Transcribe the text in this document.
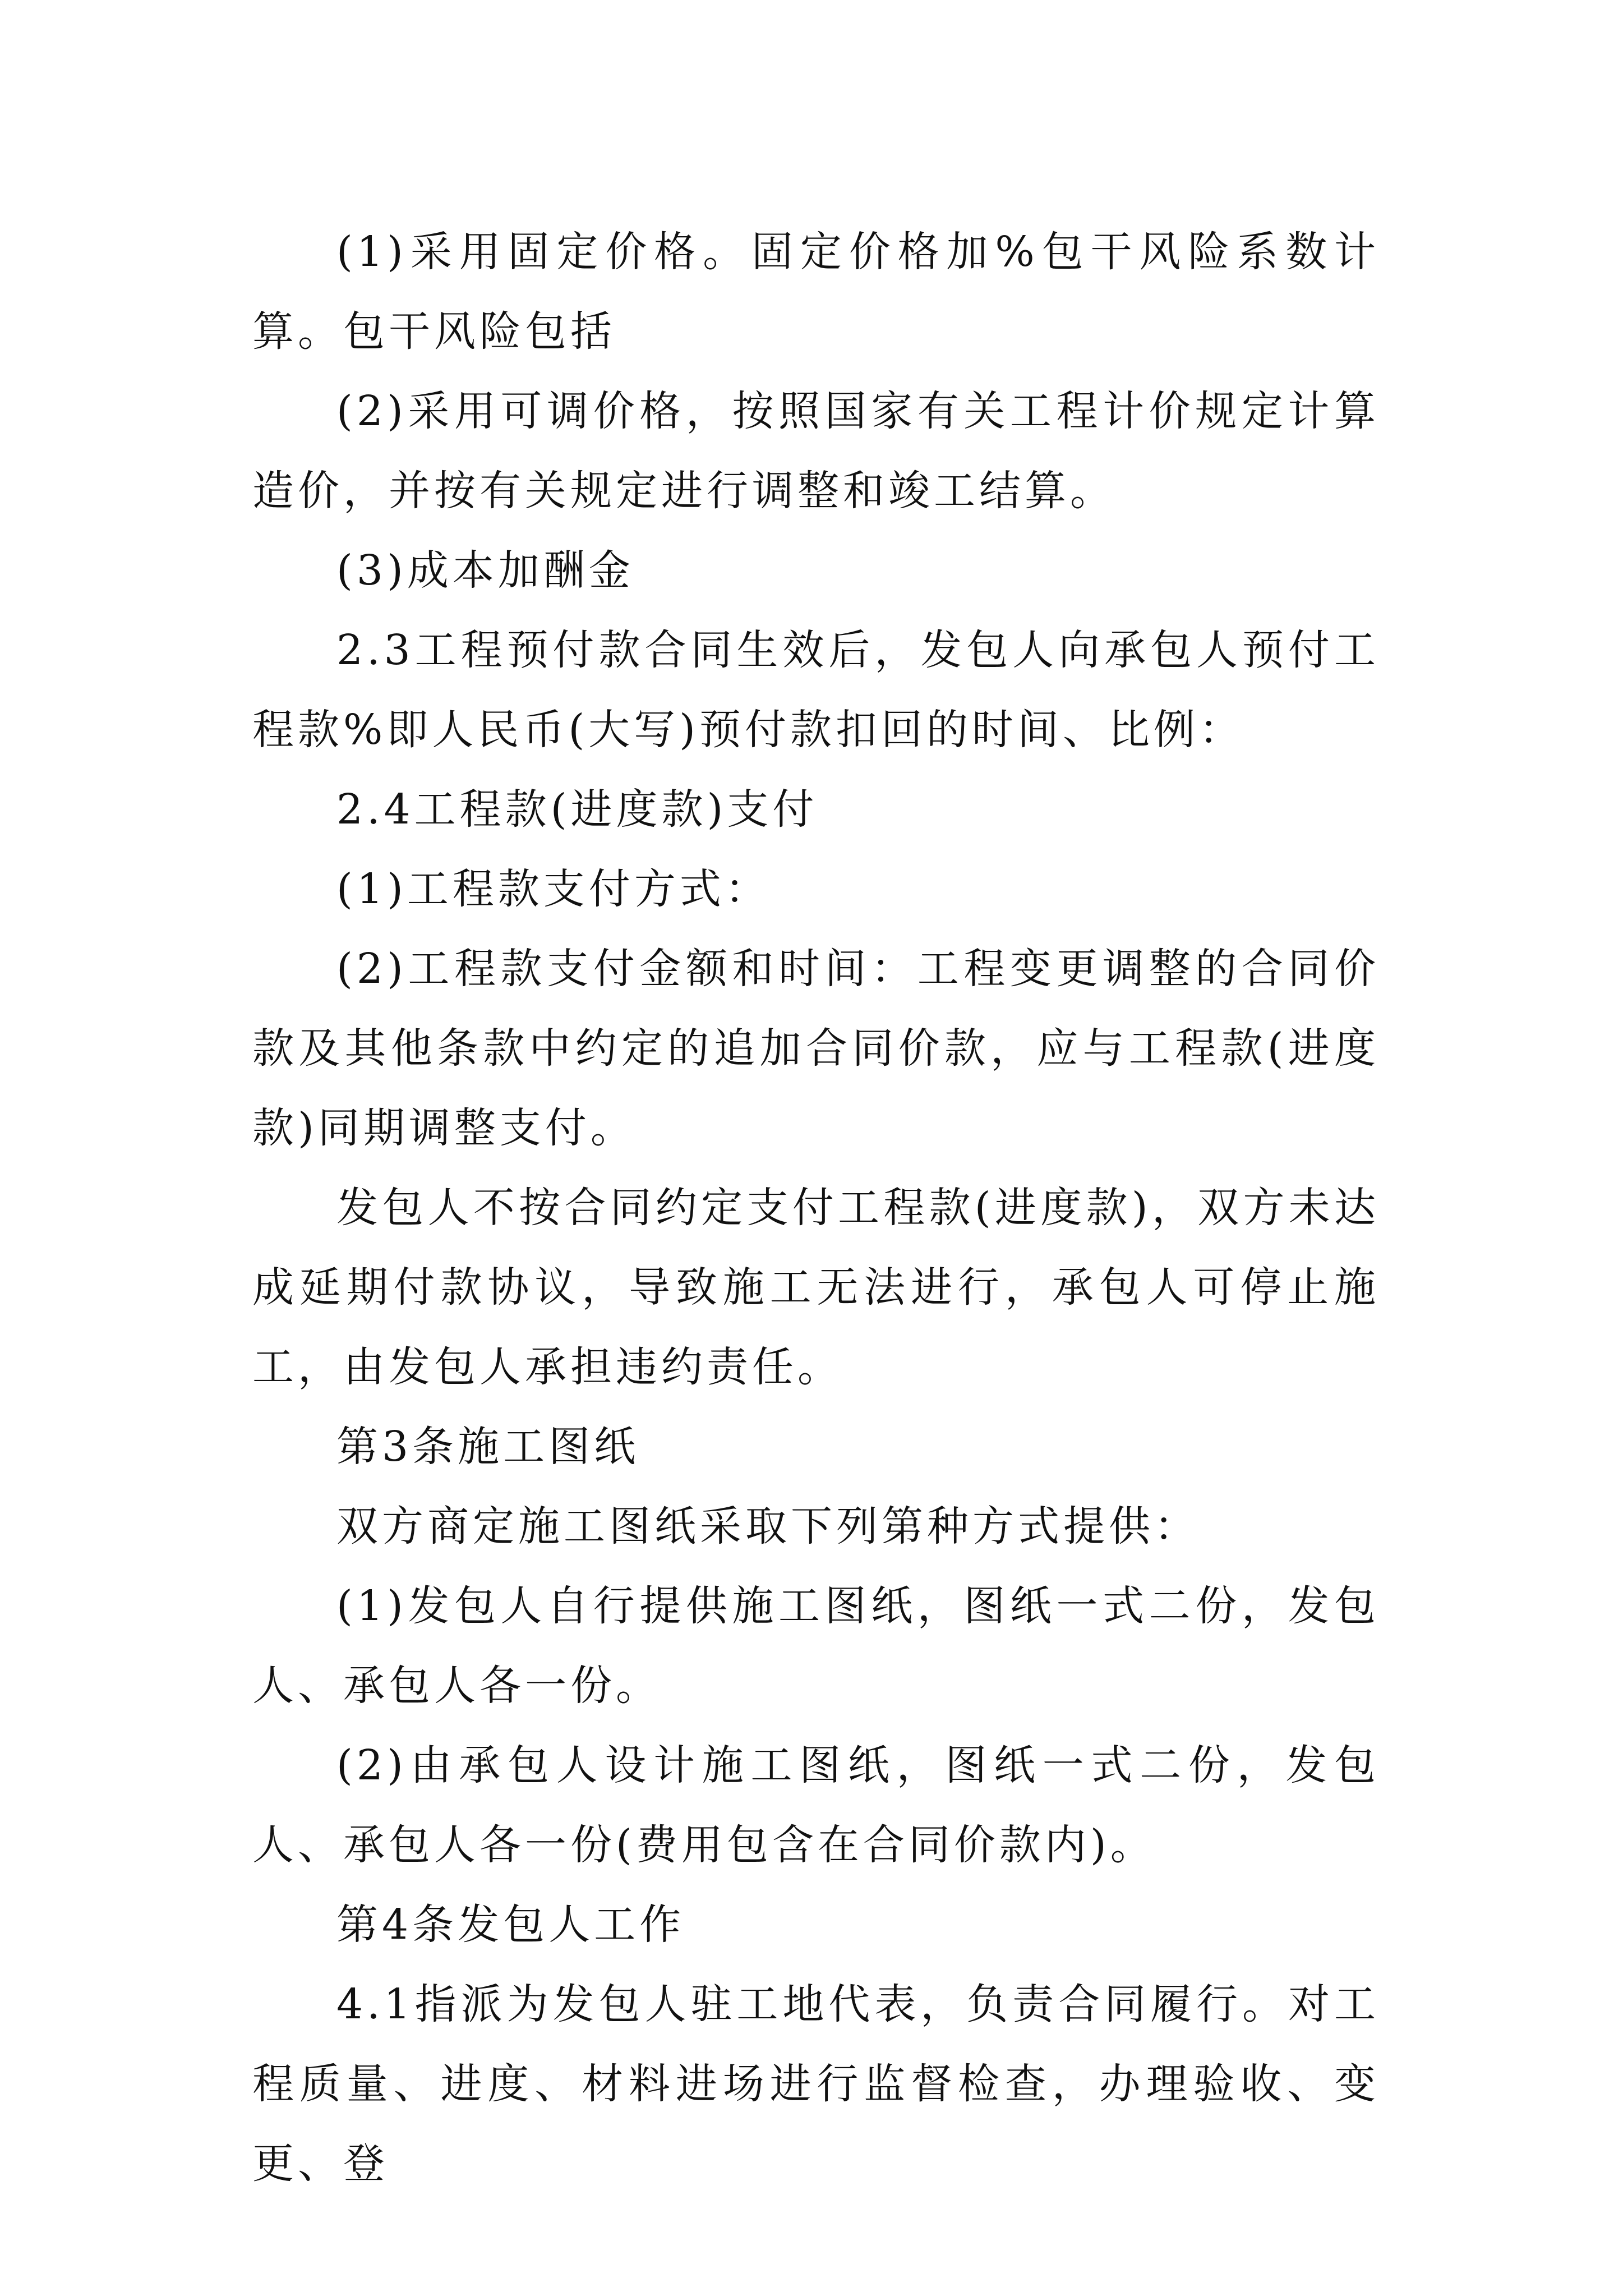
(1)采用固定价格。固定价格加%包干风险系数计算。包干风险包括

(2)采用可调价格，按照国家有关工程计价规定计算造价，并按有关规定进行调整和竣工结算。

(3)成本加酬金

2.3工程预付款合同生效后，发包人向承包人预付工程款%即人民币(大写)预付款扣回的时间、比例：

2.4工程款(进度款)支付

(1)工程款支付方式：

(2)工程款支付金额和时间：工程变更调整的合同价款及其他条款中约定的追加合同价款，应与工程款(进度款)同期调整支付。

发包人不按合同约定支付工程款(进度款)，双方未达成延期付款协议，导致施工无法进行，承包人可停止施工，由发包人承担违约责任。

第3条施工图纸

双方商定施工图纸采取下列第种方式提供：

(1)发包人自行提供施工图纸，图纸一式二份，发包人、承包人各一份。

(2)由承包人设计施工图纸，图纸一式二份，发包人、承包人各一份(费用包含在合同价款内)。

第4条发包人工作

4.1指派为发包人驻工地代表，负责合同履行。对工程质量、进度、材料进场进行监督检查，办理验收、变更、登
